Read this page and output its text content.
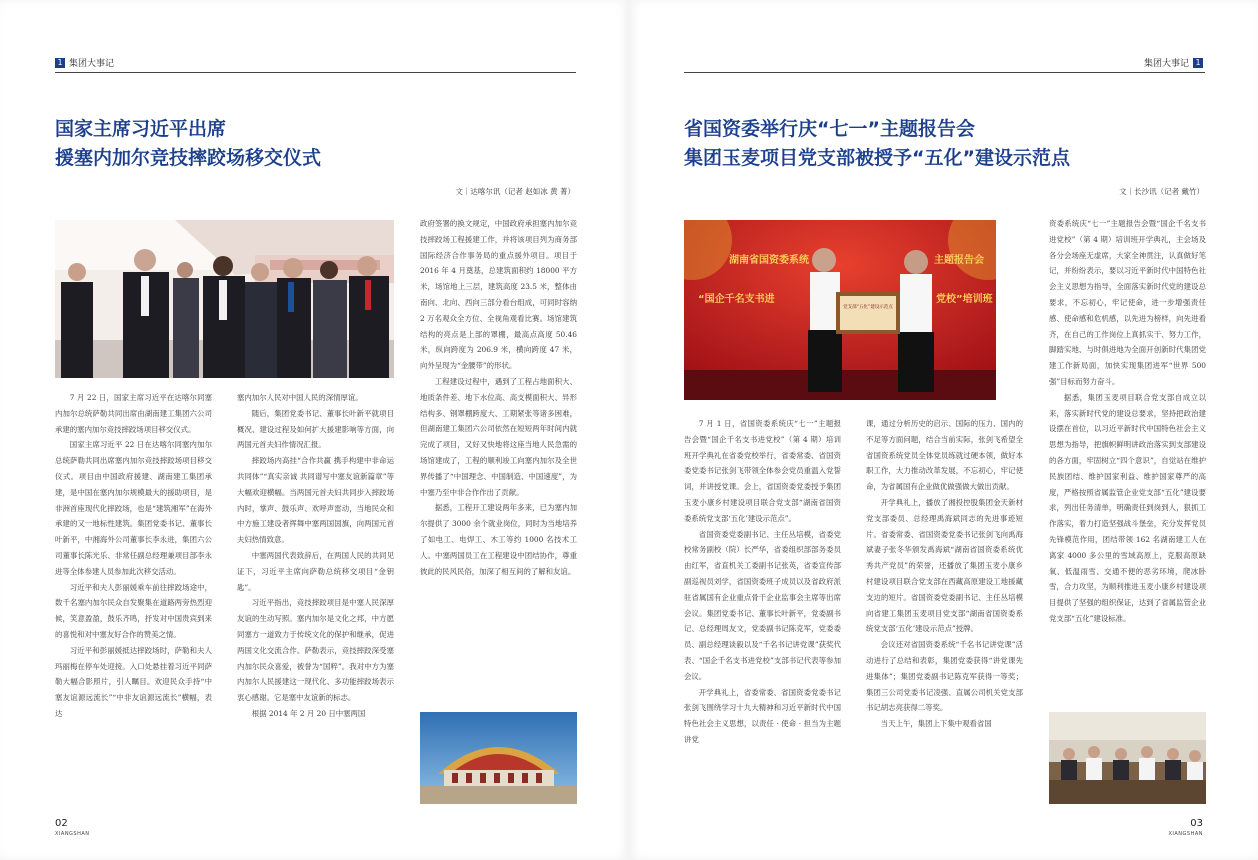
1 集团大事记
国家主席习近平出席
援塞内加尔竞技摔跤场移交仪式
文｜达喀尔讯（记者 赵如冰 黄 菁）

7 月 22 日，国家主席习近平在达喀尔同塞内加尔总统萨勒共同出席由湖南建工集团六公司承建的塞内加尔竞技摔跤场项目移交仪式。

国家主席习近平 22 日在达喀尔同塞内加尔总统萨勒共同出席塞内加尔竞技摔跤场项目移交仪式。项目由中国政府援建、湖南建工集团承建，是中国在塞内加尔规模最大的援助项目，是非洲首座现代化摔跤场，也是“建筑湘军”在海外承建的又一地标性建筑。集团党委书记、董事长叶新平，中湘海外公司董事长李永进，集团六公司董事长陈光乐、非常任副总经理兼项目部李永进等全体参建人员参加此次移交活动。

习近平和夫人彭丽媛乘车前往摔跤场途中，数千名塞内加尔民众自发聚集在道路两旁热烈迎候，笑意盈盈，鼓乐齐鸣，抒发对中国贵宾到来的喜悦和对中塞友好合作的赞美之情。

习近平和彭丽媛抵达摔跤场时，萨勒和夫人玛丽梅在停车处迎接。入口处悬挂着习近平同萨勒大幅合影照片，引人瞩目。欢迎民众手持“中塞友谊源远流长”“中非友谊源远流长”横幅，表达

塞内加尔人民对中国人民的深情厚谊。

随后，集团党委书记、董事长叶新平就项目概况、建设过程及如何扩大援建影响等方面，向两国元首夫妇作情况汇报。

摔跤场内高挂“合作共赢 携手构建中非命运共同体”“真实亲诚 共同谱写中塞友谊新篇章”等大幅欢迎横幅。当两国元首夫妇共同步入摔跤场内时，掌声、鼓乐声、欢呼声雷动，当地民众和中方施工建设者挥舞中塞两国国旗，向两国元首夫妇热情致意。

中塞两国代表致辞后，在两国人民的共同见证下，习近平主席向萨勒总统移交项目“金钥匙”。

习近平指出，竞技摔跤项目是中塞人民深厚友谊的生动写照。塞内加尔是文化之邦，中方愿同塞方一道致力于传统文化的保护和继承，促进两国文化交流合作。萨勒表示，竞技摔跤深受塞内加尔民众喜爱，被誉为“国粹”。我对中方为塞内加尔人民援建这一现代化、多功能摔跤场表示衷心感谢。它是塞中友谊新的标志。

根据 2014 年 2 月 20 日中塞两国

政府签署的换文规定，中国政府承担塞内加尔竞技摔跤场工程援建工作，并将该项目列为商务部国际经济合作事务局的重点援外项目。项目于 2016 年 4 月奠基，总建筑面积约 18000 平方米，场馆地上三层，建筑高度 23.5 米，整体由南向、北向、西向三部分看台组成，可同时容纳 2 万名观众全方位、全视角观看比赛。场馆建筑结构的亮点是上部的罩棚，最高点高度 50.46 米，纵向跨度为 206.9 米，横向跨度 47 米，向外呈现为“金腰带”的形状。

工程建设过程中，遇到了工程占地面积大、地质条件差、地下水位高、高支模面积大、异形结构多、钢罩棚跨度大、工期紧张等诸多困难，但湖南建工集团六公司依然在短短两年时间内就完成了项目，又好又快地将这座当地人民急需的场馆建成了，工程的顺利竣工向塞内加尔及全世界传播了“中国理念、中国制造、中国速度”，为中塞乃至中非合作作出了贡献。

据悉，工程开工建设两年多来，已为塞内加尔提供了 3000 余个就业岗位，同时为当地培养了如电工、电焊工、木工等约 1000 名技术工人。中塞两国员工在工程建设中团结协作，尊重彼此的民风民俗，加深了相互间的了解和友谊。

02
XIANGSHAN
集团大事记 1
省国资委举行庆“七一”主题报告会
集团玉麦项目党支部被授予“五化”建设示范点
文｜长沙讯（记者 戴竹）
湖南省国资委系统
“国企千名支书进
主题报告会
党校”培训班
党支部“五化”建设示范点

7 月 1 日，省国资委系统庆“七一”主题报告会暨“国企千名支书进党校”（第 4 期）培训班开学典礼在省委党校举行，省委常委、省国资委党委书记张剑飞带领全体参会党员重温入党誓词，并讲授党课。会上，省国资委党委授予集团玉麦小康乡村建设项目联合党支部“湖南省国资委系统党支部‘五化’建设示范点”。

省国资委党委副书记、主任丛培模，省委党校常务副校（院）长严华，省委组织部部务委员由红军，省直机关工委副书记张英，省委宣传部副巡视员刘学，省国资委班子成员以及省政府派驻省属国有企业重点骨干企业监事会主席等出席会议。集团党委书记、董事长叶新平，党委副书记、总经理周友文，党委副书记陈克军，党委委员、副总经理谈毅以及“千名书记讲党课”获奖代表、“国企千名支书进党校”支部书记代表等参加会议。

开学典礼上，省委常委、省国资委党委书记张剑飞围绕学习十九大精神和习近平新时代中国特色社会主义思想，以责任 · 使命 · 担当为主题讲党

课，通过分析历史的启示、国际的压力、国内的不足等方面问题，结合当前实际，张剑飞希望全省国资系统党员全体党员练就过硬本领，做好本职工作，大力推动改革发展，不忘初心，牢记使命，为省属国有企业做优做强做大做出贡献。

开学典礼上，播放了湘投控股集团金天新材党支部委员、总经理禹海斌同志的先进事迹短片。省委常委、省国资委党委书记张剑飞向禹海斌妻子张冬华颁发禹海斌“湖南省国资委系统优秀共产党员”的荣誉，还播放了集团玉麦小康乡村建设项目联合党支部在西藏高原建设工地援藏支边的短片。省国资委党委副书记、主任丛培模向省建工集团玉麦项目党支部“湖南省国资委系统党支部‘五化’建设示范点”授牌。

会议还对省国资委系统“千名书记讲党课”活动进行了总结和表彰，集团党委获得“讲党课先进集体”；集团党委副书记陈克军获得一等奖；集团三公司党委书记凌强、直属公司机关党支部书记胡志亮获得二等奖。

当天上午，集团上下集中观看省国

资委系统庆“七一”主题报告会暨“国企千名支书进党校”（第 4 期）培训班开学典礼，主会场及各分会场座无虚席，大家全神贯注，认真做好笔记，并纷纷表示，要以习近平新时代中国特色社会主义思想为指导，全面落实新时代党的建设总要求，不忘初心，牢记使命，进一步增强责任感、使命感和危机感，以先进为榜样，向先进看齐，在自己的工作岗位上真抓实干、努力工作，脚踏实地、与时俱进地为全面开创新时代集团党建工作新局面，加快实现集团进军“世界 500 强”目标而努力奋斗。

据悉，集团玉麦项目联合党支部自成立以来，落实新时代党的建设总要求，坚持把政治建设摆在首位，以习近平新时代中国特色社会主义思想为指导，把旗帜鲜明讲政治落实到支部建设的各方面，牢固树立“四个意识”，自觉站在维护民族团结、维护国家利益、维护国家尊严的高度，严格按照省属监管企业党支部“五化”建设要求，列出任务清单，明确责任到岗到人，狠抓工作落实，着力打造坚强战斗堡垒，充分发挥党员先锋模范作用，团结带领 162 名湖南建工人在离家 4000 多公里的雪域高原上，克服高原缺氧、低温雨雪、交通不便的恶劣环境，爬冰卧雪，合力攻坚，为顺利推进玉麦小康乡村建设项目提供了坚强的组织保证，达到了省属监管企业党支部“五化”建设标准。

03
XIANGSHAN
